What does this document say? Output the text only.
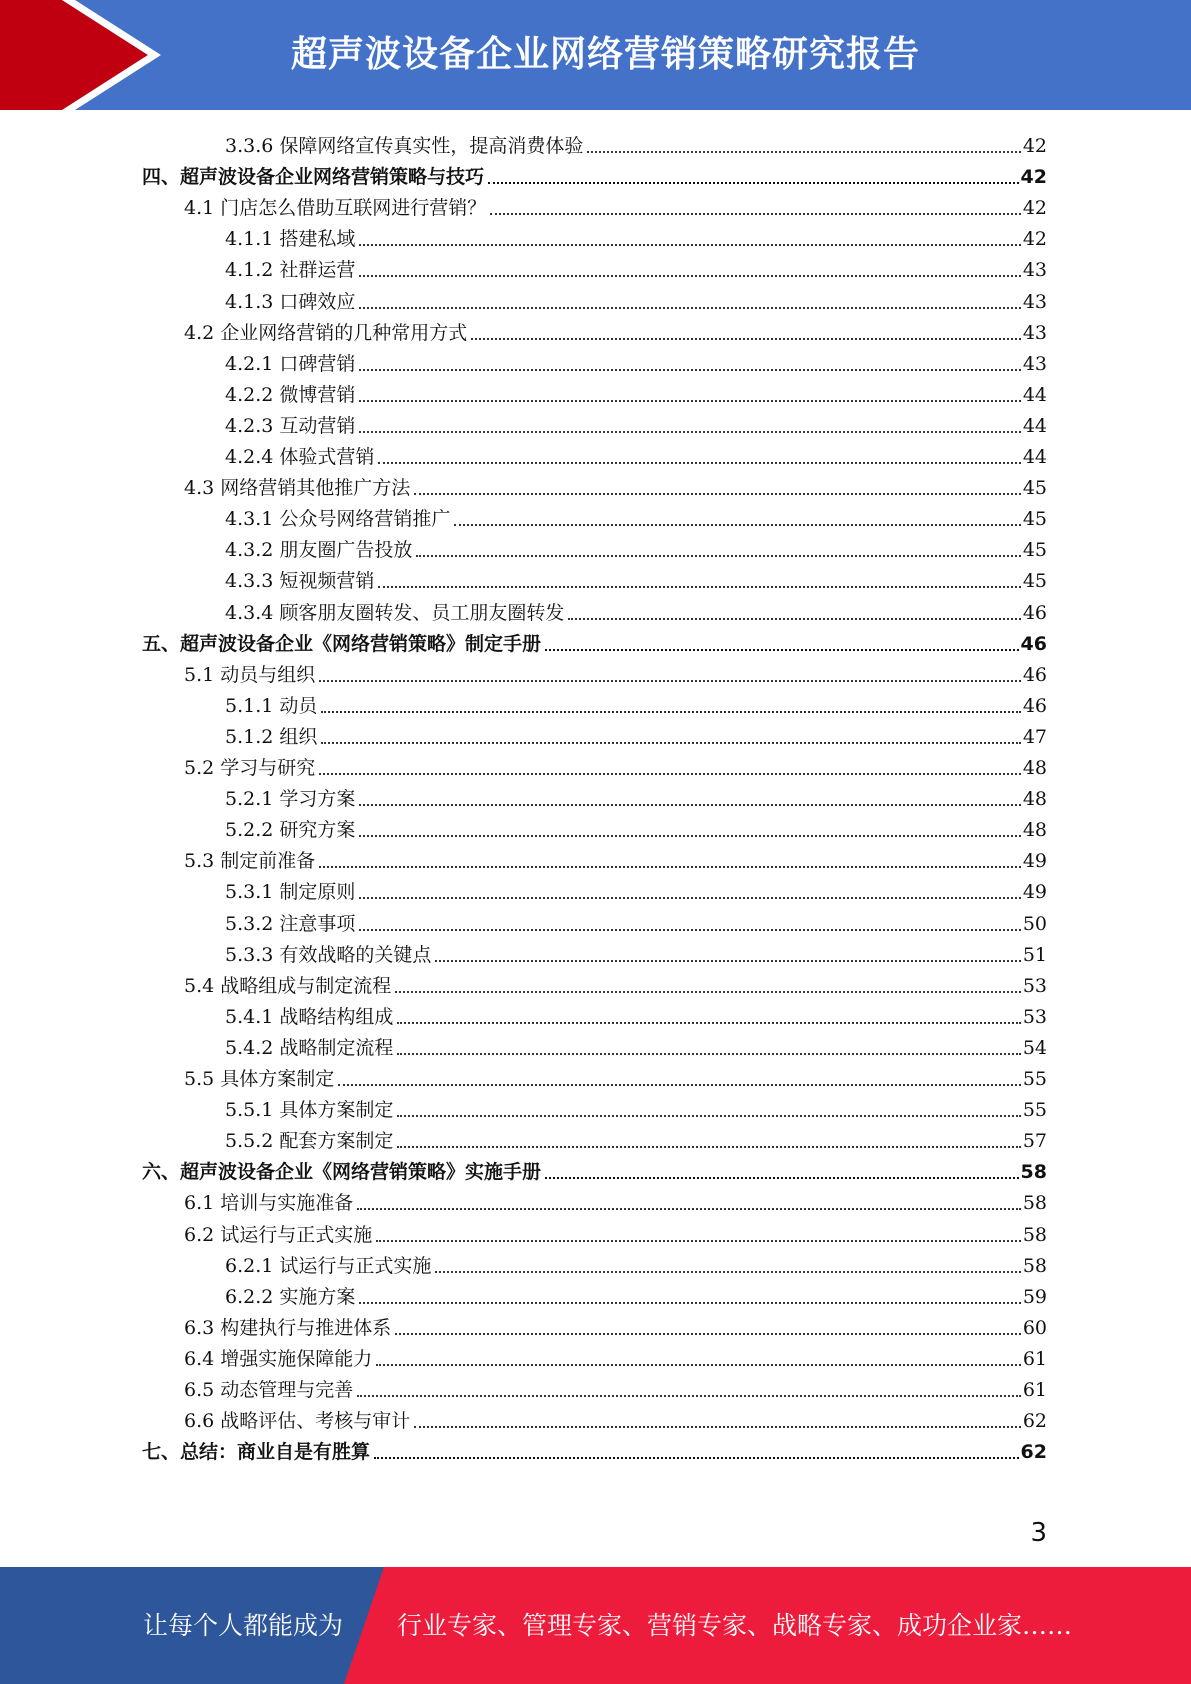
超声波设备企业网络营销策略研究报告
3.3.6 保障网络宣传真实性，提高消费体验	42
四、超声波设备企业网络营销策略与技巧	42
4.1 门店怎么借助互联网进行营销？	42
4.1.1 搭建私域	42
4.1.2 社群运营	43
4.1.3 口碑效应	43
4.2 企业网络营销的几种常用方式	43
4.2.1 口碑营销	43
4.2.2 微博营销	44
4.2.3 互动营销	44
4.2.4 体验式营销	44
4.3 网络营销其他推广方法	45
4.3.1 公众号网络营销推广	45
4.3.2 朋友圈广告投放	45
4.3.3 短视频营销	45
4.3.4 顾客朋友圈转发、员工朋友圈转发	46
五、超声波设备企业《网络营销策略》制定手册	46
5.1 动员与组织	46
5.1.1 动员	46
5.1.2 组织	47
5.2 学习与研究	48
5.2.1 学习方案	48
5.2.2 研究方案	48
5.3 制定前准备	49
5.3.1 制定原则	49
5.3.2 注意事项	50
5.3.3 有效战略的关键点	51
5.4 战略组成与制定流程	53
5.4.1 战略结构组成	53
5.4.2 战略制定流程	54
5.5 具体方案制定	55
5.5.1 具体方案制定	55
5.5.2 配套方案制定	57
六、超声波设备企业《网络营销策略》实施手册	58
6.1 培训与实施准备	58
6.2 试运行与正式实施	58
6.2.1 试运行与正式实施	58
6.2.2 实施方案	59
6.3 构建执行与推进体系	60
6.4 增强实施保障能力	61
6.5 动态管理与完善	61
6.6 战略评估、考核与审计	62
七、总结：商业自是有胜算	62
3
让每个人都能成为 行业专家、管理专家、营销专家、战略专家、成功企业家……
